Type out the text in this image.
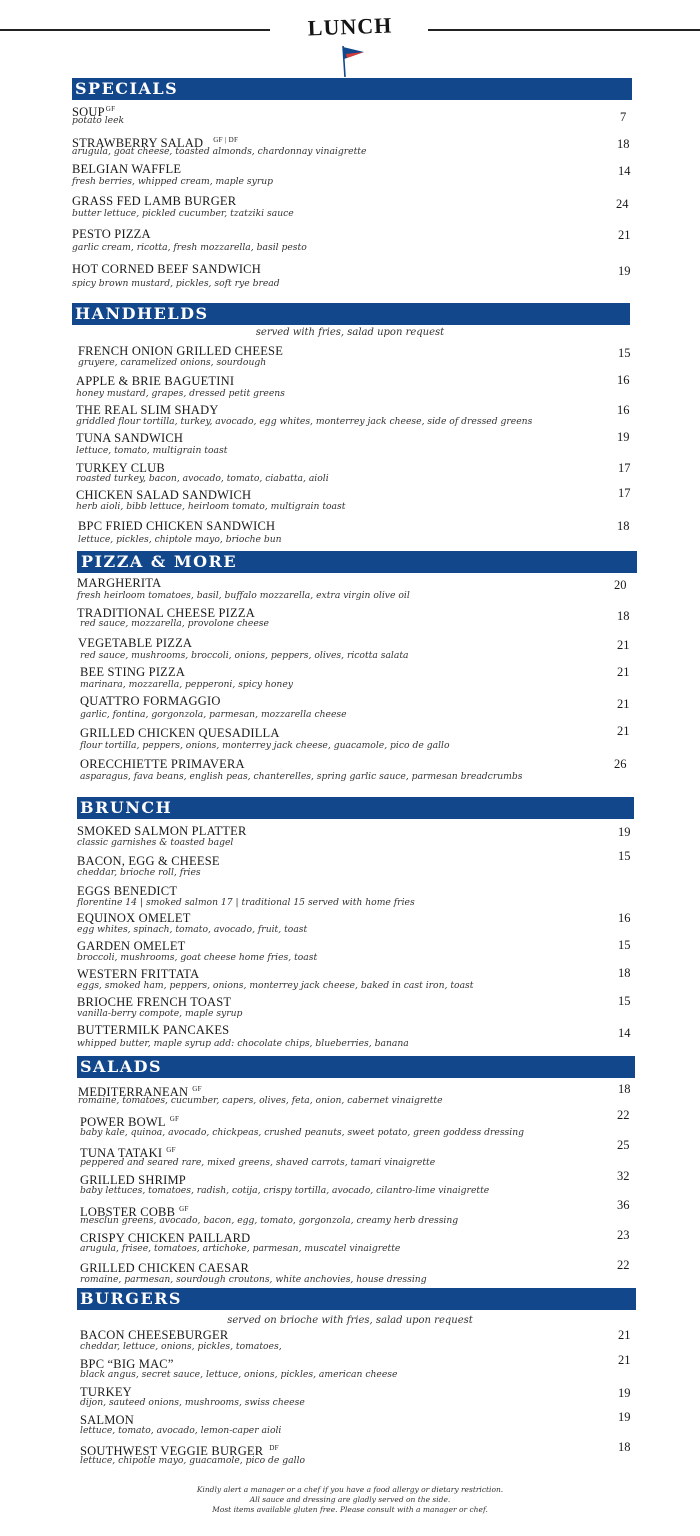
LUNCH
SPECIALS
$SOUP^{GF}$
potato leek	7
STRAWBERRY SALAD $^{GF | DF}$
arugula, goat cheese, toasted almonds, chardonnay vinaigrette
18
BELGIAN WAFFLE
fresh berries, whipped cream, maple syrup
14
GRASS FED LAMB BURGER
butter lettuce, pickled cucumber, tzatziki sauce
24
PESTO PIZZA
garlic cream, ricotta, fresh mozzarella, basil pesto
21
HOT CORNED BEEF SANDWICH
spicy brown mustard, pickles, soft rye bread
19
HANDHELDS
served with fries, salad upon request
FRENCH ONION GRILLED CHEESE
gruyere, caramelized onions, sourdough
15
APPLE & BRIE BAGUETINI
honey mustard, grapes, dressed petit greens
16
THE REAL SLIM SHADY
griddled flour tortilla, turkey, avocado, egg whites, monterrey jack cheese, side of dressed greens
16
TUNA SANDWICH
lettuce, tomato, multigrain toast
19
TURKEY CLUB
roasted turkey, bacon, avocado, tomato, ciabatta, aioli
17
CHICKEN SALAD SANDWICH
herb aioli, bibb lettuce, heirloom tomato, multigrain toast
17
BPC FRIED CHICKEN SANDWICH
lettuce, pickles, chiptole mayo, brioche bun
18
PIZZA & MORE
MARGHERITA
fresh heirloom tomatoes, basil, buffalo mozzarella, extra virgin olive oil
20
TRADITIONAL CHEESE PIZZA
red sauce, mozzarella, provolone cheese
18
VEGETABLE PIZZA
red sauce, mushrooms, broccoli, onions, peppers, olives, ricotta salata
21
BEE STING PIZZA
marinara, mozzarella, pepperoni, spicy honey
21
QUATTRO FORMAGGIO
garlic, fontina, gorgonzola, parmesan, mozzarella cheese
21
GRILLED CHICKEN QUESADILLA
flour tortilla, peppers, onions, monterrey jack cheese, guacamole, pico de gallo
21
ORECCHIETTE PRIMAVERA
asparagus, fava beans, english peas, chanterelles, spring garlic sauce, parmesan breadcrumbs
26
BRUNCH
SMOKED SALMON PLATTER
classic garnishes & toasted bagel
19
BACON, EGG & CHEESE
cheddar, brioche roll, fries
15
EGGS BENEDICT
florentine 14 | smoked salmon 17 | traditional 15 served with home fries
EQUINOX OMELET
egg whites, spinach, tomato, avocado, fruit, toast
16
GARDEN OMELET
broccoli, mushrooms, goat cheese home fries, toast
15
WESTERN FRITTATA
eggs, smoked ham, peppers, onions, monterrey jack cheese, baked in cast iron, toast
18
BRIOCHE FRENCH TOAST
vanilla-berry compote, maple syrup
15
BUTTERMILK PANCAKES
whipped butter, maple syrup add: chocolate chips, blueberries, banana
14
SALADS
MEDITERRANEAN $^{GF}$
romaine, tomatoes, cucumber, capers, olives, feta, onion, cabernet vinaigrette
18
POWER BOWL $^{GF}$
baby kale, quinoa, avocado, chickpeas, crushed peanuts, sweet potato, green goddess dressing
22
TUNA TATAKI $^{GF}$
peppered and seared rare, mixed greens, shaved carrots, tamari vinaigrette
25
GRILLED SHRIMP
baby lettuces, tomatoes, radish, cotija, crispy tortilla, avocado, cilantro-lime vinaigrette
32
LOBSTER COBB $^{GF}$
mesclun greens, avocado, bacon, egg, tomato, gorgonzola, creamy herb dressing
36
CRISPY CHICKEN PAILLARD
arugula, frisee, tomatoes, artichoke, parmesan, muscatel vinaigrette
23
GRILLED CHICKEN CAESAR
romaine, parmesan, sourdough croutons, white anchovies, house dressing
22
BURGERS
served on brioche with fries, salad upon request
BACON CHEESEBURGER
cheddar, lettuce, onions, pickles, tomatoes,
21
BPC “BIG MAC”
black angus, secret sauce, lettuce, onions, pickles, american cheese
21
TURKEY
dijon, sauteed onions, mushrooms, swiss cheese
19
SALMON
lettuce, tomato, avocado, lemon-caper aioli
19
SOUTHWEST VEGGIE BURGER $^{DF}$
lettuce, chipotle mayo, guacamole, pico de gallo
18
Kindly alert a manager or a chef if you have a food allergy or dietary restriction.
All sauce and dressing are gladly served on the side.
Most items available gluten free. Please consult with a manager or chef.
